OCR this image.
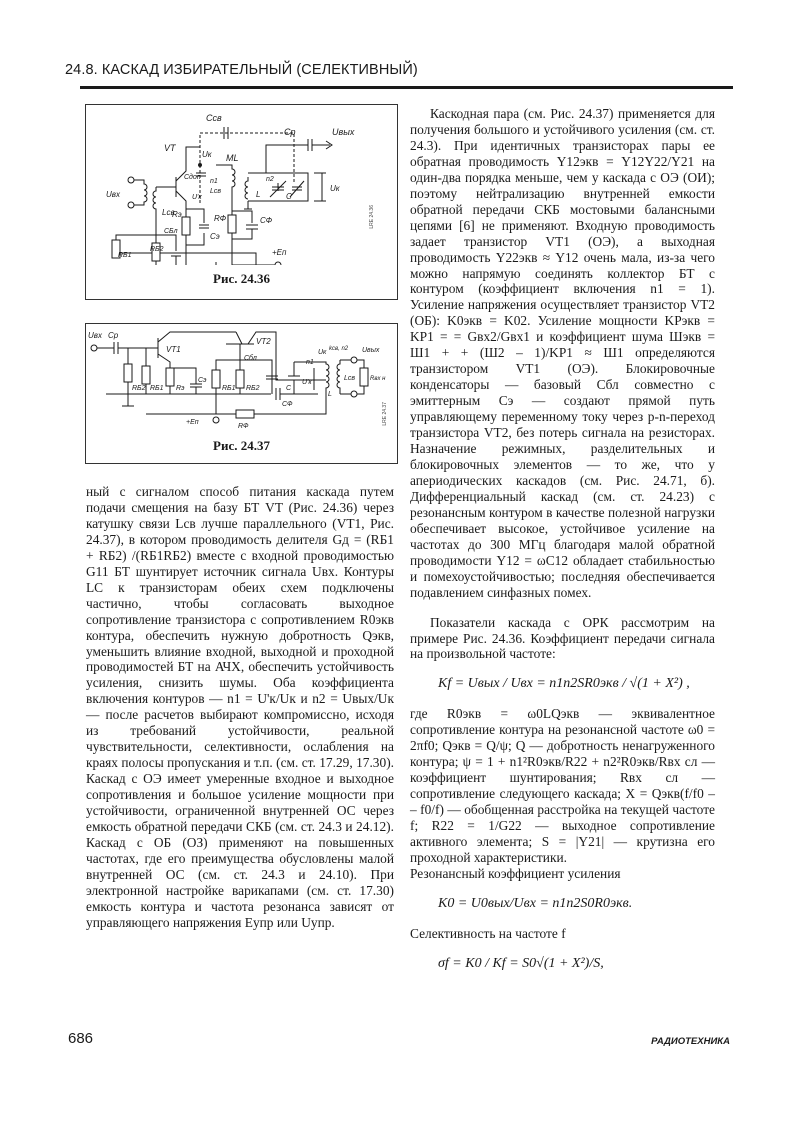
24.8. КАСКАД ИЗБИРАТЕЛЬНЫЙ (СЕЛЕКТИВНЫЙ)
Cсв
Cр	Uвых
VT
Uк ML
Cдоп
n1
Lсв
n2
L	C
Uк
U'к
Uвх
Lсв
Rэ	RФ	CФ
CБл
Cэ
RБ1
RБ2	+Eп
LRE 24.36
Рис. 24.36
Uвх Cр
VT1
VT2
Uк kсв, n2 Uвых
Cбл
n1
RБ2 RБ1 Rэ
Cэ
RБ1 RБ2	C
U'к
Lсв Rвх н
L
CФ
+Eп
RФ
LRE 24.37
Рис. 24.37

ный с сигналом способ питания каскада путем подачи смещения на базу БТ VT (Рис. 24.36) через катушку связи Lсв лучше параллельного (VT1, Рис. 24.37), в котором проводимость делителя Gд = (RБ1 + RБ2) /(RБ1RБ2) вместе с входной проводимостью G11 БТ шунтирует источник сигнала Uвх. Контуры LC к транзисторам обеих схем подключены частично, чтобы согласовать выходное сопротивление транзистора с сопротивлением R0экв контура, обеспечить нужную добротность Qэкв, уменьшить влияние входной, выходной и проходной проводимостей БТ на АЧХ, обеспечить устойчивость усиления, снизить шумы. Оба коэффициента включения контуров — n1 = U'к/Uк и n2 = Uвых/Uк — после расчетов выбирают компромиссно, исходя из требований устойчивости, реальной чувствительности, селективности, ослабления на краях полосы пропускания и т.п. (см. ст. 17.29, 17.30). Каскад с ОЭ имеет умеренные входное и выходное сопротивления и большое усиление мощности при устойчивости, ограниченной внутренней ОС через емкость обратной передачи CКБ (см. ст. 24.3 и 24.12). Каскад с ОБ (ОЗ) применяют на повышенных частотах, где его преимущества обусловлены малой внутренней ОС (см. ст. 24.3 и 24.10). При электронной настройке варикапами (см. ст. 17.30) емкость контура и частота резонанса зависят от управляющего напряжения Eупр или Uупр.

Каскодная пара (см. Рис. 24.37) применяется для получения большого и устойчивого усиления (см. ст. 24.3). При идентичных транзисторах пары ее обратная проводимость Y12экв = Y12Y22/Y21 на один-два порядка меньше, чем у каскада с ОЭ (ОИ); поэтому нейтрализацию внутренней емкости обратной передачи CКБ мостовыми балансными цепями [6] не применяют. Входную проводимость задает транзистор VT1 (ОЭ), а выходная проводимость Y22экв ≈ Y12 очень мала, из-за чего можно напрямую соединять коллектор БТ с контуром (коэффициент включения n1 = 1). Усиление напряжения осуществляет транзистор VT2 (ОБ): K0экв = K02. Усиление мощности KPэкв = KP1 = = Gвх2/Gвх1 и коэффициент шума Шэкв = Ш1 + + (Ш2 – 1)/KP1 ≈ Ш1 определяются транзистором VT1 (ОЭ). Блокировочные конденсаторы — базовый Cбл совместно с эмиттерным Cэ — создают прямой путь управляющему переменному току через p-n-переход транзистора VT2, без потерь сигнала на резисторах. Назначение режимных, разделительных и блокировочных элементов — то же, что у апериодических каскадов (см. Рис. 24.71, б). Дифференциальный каскад (см. ст. 24.23) с резонансным контуром в качестве полезной нагрузки обеспечивает высокое, устойчивое усиление на частотах до 300 МГц благодаря малой обратной проводимости Y12 = ωC12 обладает стабильностью и помехоустойчивостью; последняя обеспечивается подавлением синфазных помех.

Показатели каскада с ОРК рассмотрим на примере Рис. 24.36. Коэффициент передачи сигнала на произвольной частоте:

Kf = Uвых / Uвх = n1n2SR0экв / √(1 + X²) ,

где R0экв = ω0LQэкв — эквивалентное сопротивление контура на резонансной частоте ω0 = 2πf0; Qэкв = Q/ψ; Q — добротность ненагруженного контура; ψ = 1 + n1²R0экв/R22 + n2²R0экв/Rвх сл — коэффициент шунтирования; Rвх сл — сопротивление следующего каскада; X = Qэкв(f/f0 – – f0/f) — обобщенная расстройка на текущей частоте f; R22 = 1/G22 — выходное сопротивление активного элемента; S = |Y21| — крутизна его проходной характеристики.

Резонансный коэффициент усиления

K0 = U0вых/Uвх = n1n2S0R0экв.

Селективность на частоте f

σf = K0 / Kf = S0√(1 + X²)/S,
686	РАДИОТЕХНИКА
